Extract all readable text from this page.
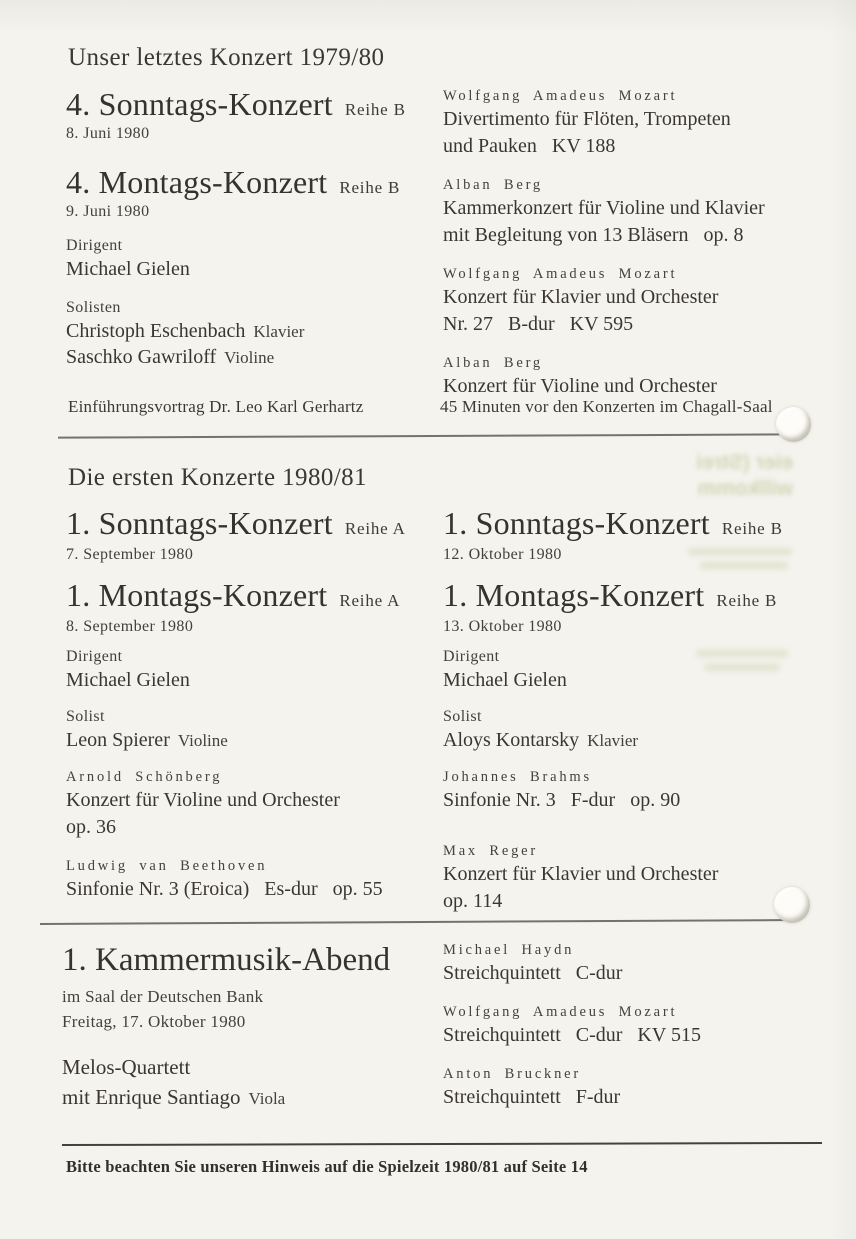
Unser letztes Konzert 1979/80
4. Sonntags-Konzert Reihe B
8. Juni 1980
4. Montags-Konzert Reihe B
9. Juni 1980
Dirigent
Michael Gielen
Solisten
Christoph Eschenbach Klavier
Saschko Gawriloff Violine
Wolfgang Amadeus Mozart
Divertimento für Flöten, Trompeten
und Pauken   KV 188
Alban Berg
Kammerkonzert für Violine und Klavier
mit Begleitung von 13 Bläsern   op. 8
Wolfgang Amadeus Mozart
Konzert für Klavier und Orchester
Nr. 27   B-dur   KV 595
Alban Berg
Konzert für Violine und Orchester
Einführungsvortrag Dr. Leo Karl Gerhartz	45 Minuten vor den Konzerten im Chagall-Saal
eier (Strei
willkomm
Die ersten Konzerte 1980/81
1. Sonntags-Konzert Reihe A
7. September 1980
1. Montags-Konzert Reihe A
8. September 1980
Dirigent
Michael Gielen
Solist
Leon Spierer Violine
Arnold Schönberg
Konzert für Violine und Orchester
op. 36
Ludwig van Beethoven
Sinfonie Nr. 3 (Eroica)   Es-dur   op. 55
1. Sonntags-Konzert Reihe B
12. Oktober 1980
1. Montags-Konzert Reihe B
13. Oktober 1980
Dirigent
Michael Gielen
Solist
Aloys Kontarsky Klavier
Johannes Brahms
Sinfonie Nr. 3   F-dur   op. 90
Max Reger
Konzert für Klavier und Orchester
op. 114
1. Kammermusik-Abend
im Saal der Deutschen Bank
Freitag, 17. Oktober 1980
Melos-Quartett
mit Enrique Santiago Viola
Michael Haydn
Streichquintett   C-dur
Wolfgang Amadeus Mozart
Streichquintett   C-dur   KV 515
Anton Bruckner
Streichquintett   F-dur
Bitte beachten Sie unseren Hinweis auf die Spielzeit 1980/81 auf Seite 14
